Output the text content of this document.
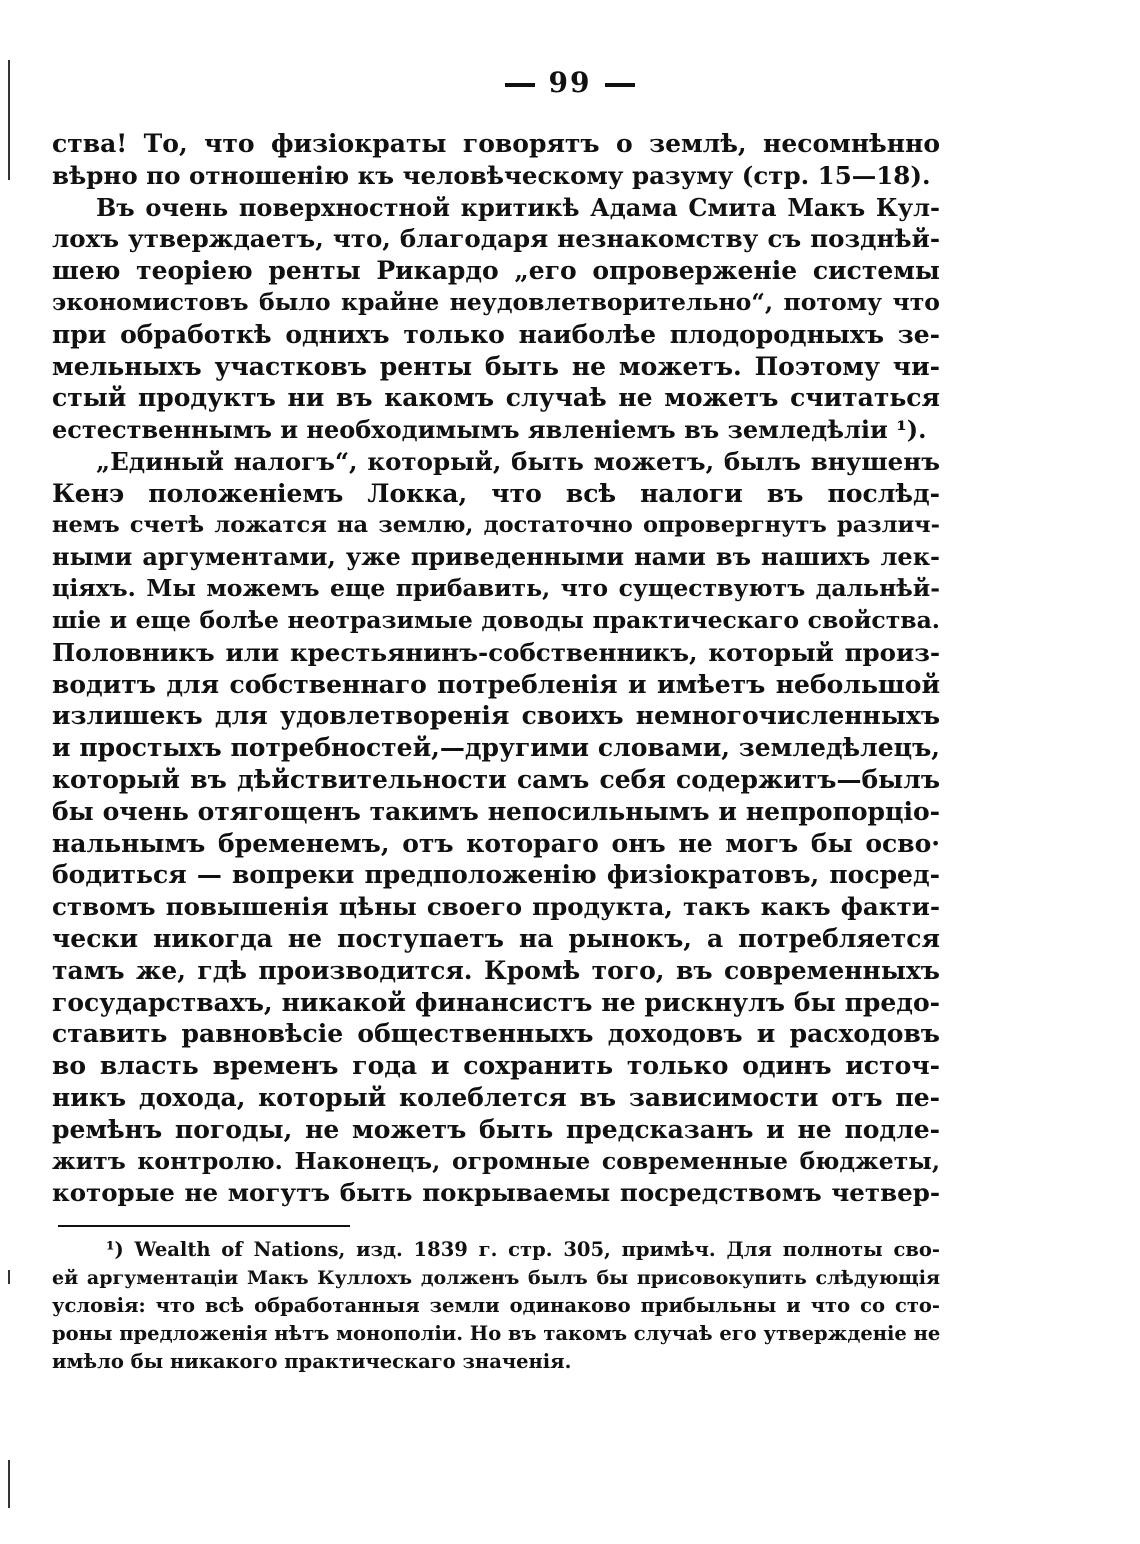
99
ства! То, что физiократы говорятъ о землѣ, несомнѣнно
вѣрно по отношенiю къ человѣческому разуму (стр. 15—18).
Въ очень поверхностной критикѣ Адама Смита Макъ Кул-
лохъ утверждаетъ, что, благодаря незнакомству съ позднѣй-
шею теорiею ренты Рикардо „его опроверженiе системы
экономистовъ было крайне неудовлетворительно“, потому что
при обработкѣ однихъ только наиболѣе плодородныхъ зе-
мельныхъ участковъ ренты быть не можетъ. Поэтому чи-
стый продуктъ ни въ какомъ случаѣ не можетъ считаться
естественнымъ и необходимымъ явленiемъ въ земледѣлiи ¹).
„Единый налогъ“, который, быть можетъ, былъ внушенъ
Кенэ положенiемъ Локка, что всѣ налоги въ послѣд-
немъ счетѣ ложатся на землю, достаточно опровергнутъ различ-
ными аргументами, уже приведенными нами въ нашихъ лек-
цiяхъ. Мы можемъ еще прибавить, что существуютъ дальнѣй-
шiе и еще болѣе неотразимые доводы практическаго свойства.
Половникъ или крестьянинъ-собственникъ, который произ-
водитъ для собственнаго потребленiя и имѣетъ небольшой
излишекъ для удовлетворенiя своихъ немногочисленныхъ
и простыхъ потребностей,—другими словами, земледѣлецъ,
который въ дѣйствительности самъ себя содержитъ—былъ
бы очень отягощенъ такимъ непосильнымъ и непропорцiо-
нальнымъ бременемъ, отъ котораго онъ не могъ бы осво·
бодиться — вопреки предположенiю физiократовъ, посред-
ствомъ повышенiя цѣны своего продукта, такъ какъ факти-
чески никогда не поступаетъ на рынокъ, а потребляется
тамъ же, гдѣ производится. Кромѣ того, въ современныхъ
государствахъ, никакой финансистъ не рискнулъ бы предо-
ставить равновѣсiе общественныхъ доходовъ и расходовъ
во власть временъ года и сохранить только одинъ источ-
никъ дохода, который колеблется въ зависимости отъ пе-
ремѣнъ погоды, не можетъ быть предсказанъ и не подле-
житъ контролю. Наконецъ, огромные современные бюджеты,
которые не могутъ быть покрываемы посредствомъ четвер-
¹) Wealth of Nations, изд. 1839 г. стр. 305, примѣч. Для полноты сво-
ей аргументацiи Макъ Куллохъ долженъ былъ бы присовокупить слѣдующiя
условiя: что всѣ обработанныя земли одинаково прибыльны и что со сто-
роны предложенiя нѣтъ монополiи. Но въ такомъ случаѣ его утвержденiе не
имѣло бы никакого практическаго значенiя.
